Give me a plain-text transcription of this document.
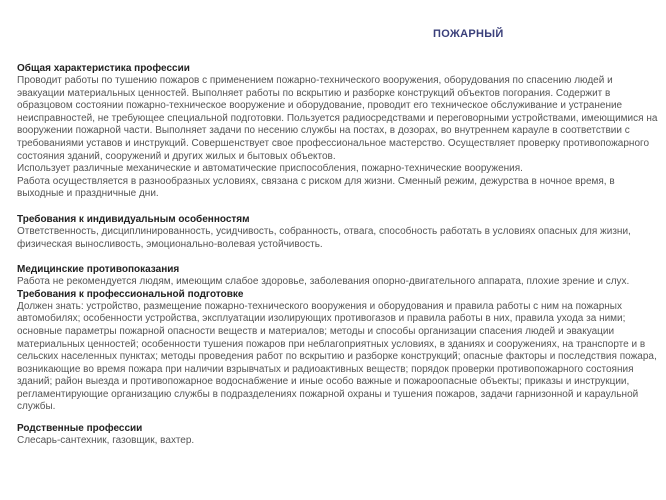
ПОЖАРНЫЙ
Общая характеристика профессии

Проводит работы по тушению пожаров с применением пожарно-технического вооружения, оборудования по спасению людей и эвакуации материальных ценностей. Выполняет работы по вскрытию и разборке конструкций объектов погорания. Содержит в образцовом состоянии пожарно-техническое вооружение и оборудование, проводит его техническое обслуживание и устранение неисправностей, не требующее специальной подготовки. Пользуется радиосредствами и переговорными устройствами, имеющимися на вооружении пожарной части. Выполняет задачи по несению службы на постах, в дозорах, во внутреннем карауле в соответствии с требованиями уставов и инструкций. Совершенствует свое профессиональное мастерство. Осуществляет проверку противопожарного состояния зданий, сооружений и других жилых и бытовых объектов.

Использует различные механические и автоматические приспособления, пожарно-технические вооружения.

Работа осуществляется в разнообразных условиях, связана с риском для жизни. Сменный режим, дежурства в ночное время, в выходные и праздничные дни.

Требования к индивидуальным особенностям

Ответственность, дисциплинированность, усидчивость, собранность, отвага, способность работать в условиях опасных для жизни, физическая выносливость, эмоционально-волевая устойчивость.

Медицинские противопоказания

Работа не рекомендуется людям, имеющим слабое здоровье, заболевания опорно-двигательного аппарата, плохие зрение и слух.

Требования к профессиональной подготовке

Должен знать: устройство, размещение пожарно-технического вооружения и оборудования и правила работы с ним на пожарных автомобилях; особенности устройства, эксплуатации изолирующих противогазов и правила работы в них, правила ухода за ними; основные параметры пожарной опасности веществ и материалов; методы и способы организации спасения людей и эвакуации материальных ценностей; особенности тушения пожаров при неблагоприятных условиях, в зданиях и сооружениях, на транспорте и в сельских населенных пунктах; методы проведения работ по вскрытию и разборке конструкций; опасные факторы и последствия пожара, возникающие во время пожара при наличии взрывчатых и радиоактивных веществ; порядок проверки противопожарного состояния зданий; район выезда и противопожарное водоснабжение и иные особо важные и пожароопасные объекты; приказы и инструкции, регламентирующие организацию службы в подразделениях пожарной охраны и тушения пожаров, задачи гарнизонной и караульной службы.

Родственные профессии

Слесарь-сантехник, газовщик, вахтер.
